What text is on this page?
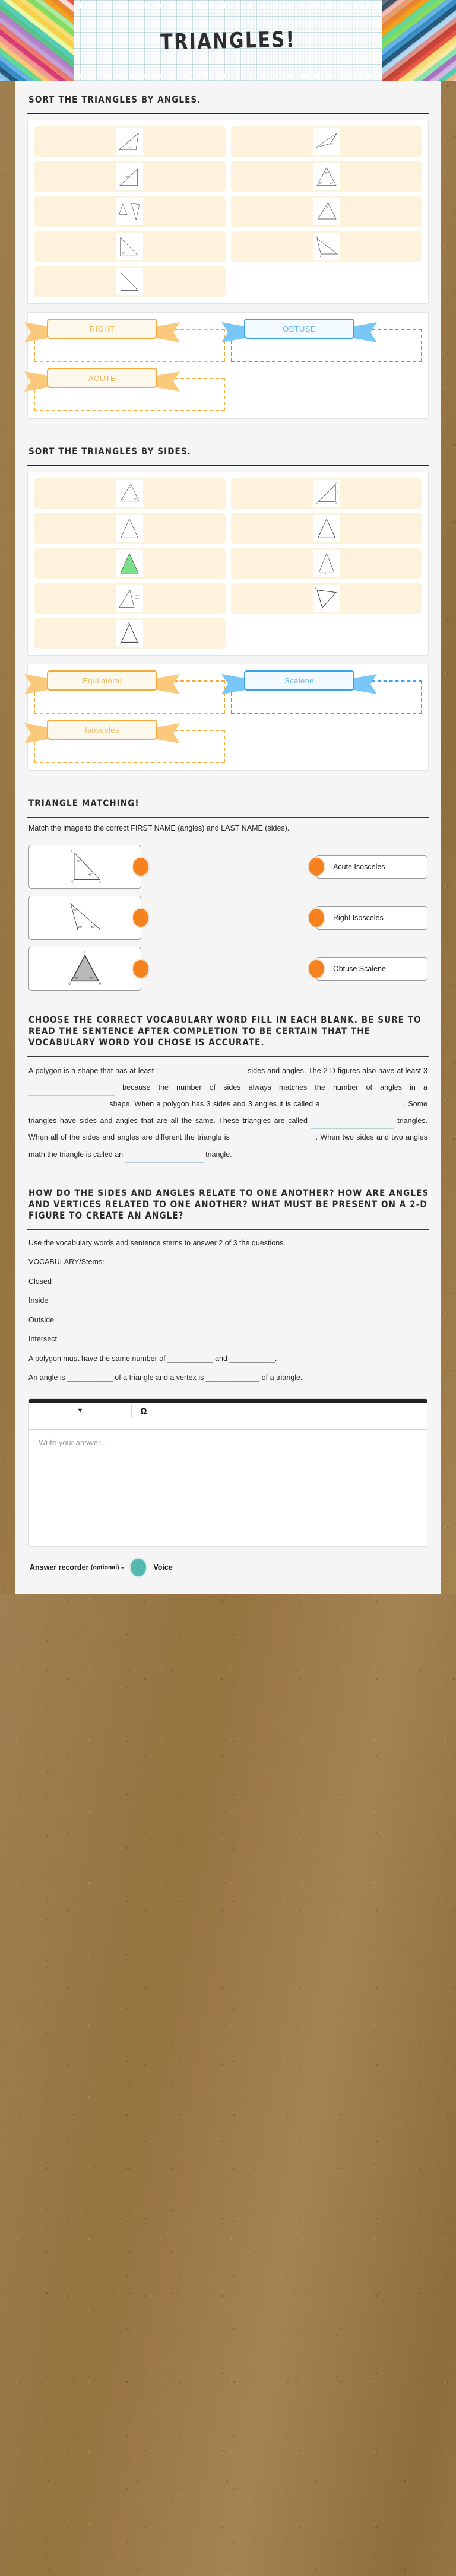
TRIANGLES!
SORT THE TRIANGLES BY ANGLES.
23°
120°
hyp
60°
60° 60°
70°
90°
M
L
RIGHT	OBTUSE
ACUTE
SORT THE TRIANGLES BY SIDES.
70°
60° 50°
D	O
G
4
3
/ \
|
all sides
different
B
T
U
D	F
E
Equilateral	Scalene
Isosceles
TRIANGLE MATCHING!
Match the image to the correct FIRST NAME (angles) and LAST NAME (sides).
B
C	A
45°
45°
Acute Isosceles
25°
120° 35°
Right Isosceles
P
Q	R
70°	70°
Obtuse Scalene
CHOOSE THE CORRECT VOCABULARY WORD FILL IN EACH BLANK. BE SURE TO READ THE SENTENCE AFTER COMPLETION TO BE CERTAIN THAT THE VOCABULARY WORD YOU CHOSE IS ACCURATE.
A polygon is a shape that has at least	sides and angles. The 2-D figures also have at least 3  because the number of sides always matches the number of angles in a  shape. When a polygon has 3 sides and 3 angles it is called a	. Some triangles have sides and angles that are all the same. These triangles are called	triangles. When all of the sides and angles are different the triangle is	. When two sides and two angles math the triangle is called an	triangle.
HOW DO THE SIDES AND ANGLES RELATE TO ONE ANOTHER? HOW ARE ANGLES AND VERTICES RELATED TO ONE ANOTHER? WHAT MUST BE PRESENT ON A 2-D FIGURE TO CREATE AN ANGLE?

Use the vocabulary words and sentence stems to answer 2 of 3 the questions.

VOCABULARY/Stems:

Closed

Inside

Outside

Intersect

A polygon must have the same number of ___________ and ___________.

An angle is ___________ of a triangle and a vertex is _____________ of a triangle.

▼	Ω
Write your answer...
Answer recorder
(optional)
-	Voice
